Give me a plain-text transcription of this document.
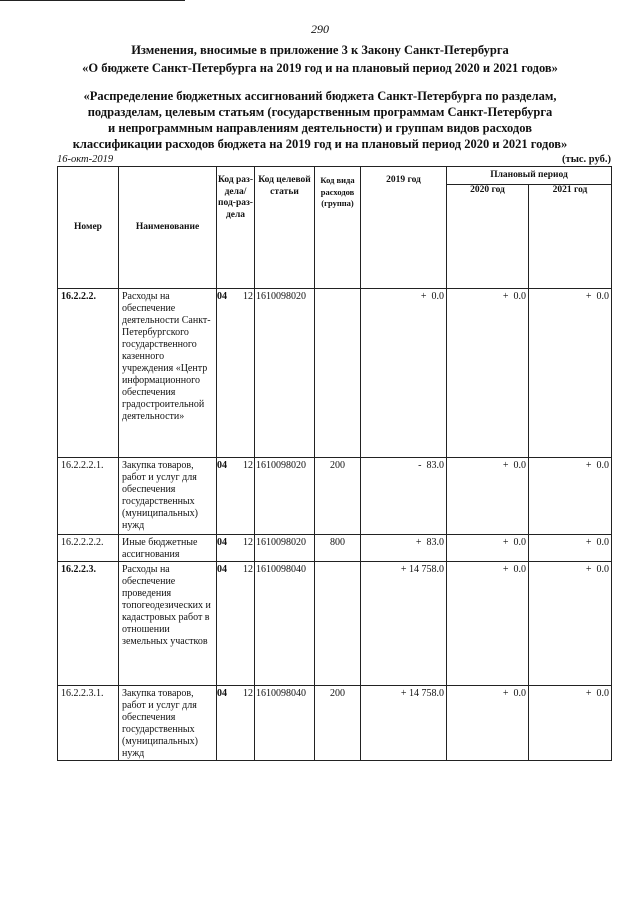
290
Изменения, вносимые в приложение 3 к Закону Санкт-Петербурга
«О бюджете Санкт-Петербурга на 2019 год и на плановый период 2020 и 2021 годов»
«Распределение бюджетных ассигнований бюджета Санкт-Петербурга по разделам,
подразделам, целевым статьям (государственным программам Санкт-Петербурга
и непрограммным направлениям деятельности) и группам видов расходов
классификации расходов бюджета на 2019 год и на плановый период 2020 и 2021 годов»
16-окт-2019	(тыс. руб.)
Номер	Наименование	Код раз-дела/ под-раз-дела	Код целевой статьи	Код вида расходов (группа)	2019 год	Плановый период	
						2020 год	2021 год
16.2.2.2.	Расходы на обеспечение деятельности Санкт-Петербургского государственного казенного учреждения «Центр информационного обеспечения градостроительной деятельности»	04 12	1610098020		+  0.0	+  0.0	+  0.0
16.2.2.2.1.	Закупка товаров, работ и услуг для обеспечения государственных (муниципальных) нужд	04 12	1610098020	200	-  83.0	+  0.0	+  0.0
16.2.2.2.2.	Иные бюджетные ассигнования	04 12	1610098020	800	+  83.0	+  0.0	+  0.0
16.2.2.3.	Расходы на обеспечение проведения топогеодезических и кадастровых работ в отношении земельных участков	04 12	1610098040		+ 14 758.0	+  0.0	+  0.0
16.2.2.3.1.	Закупка товаров, работ и услуг для обеспечения государственных (муниципальных) нужд	04 12	1610098040	200	+ 14 758.0	+  0.0	+  0.0
